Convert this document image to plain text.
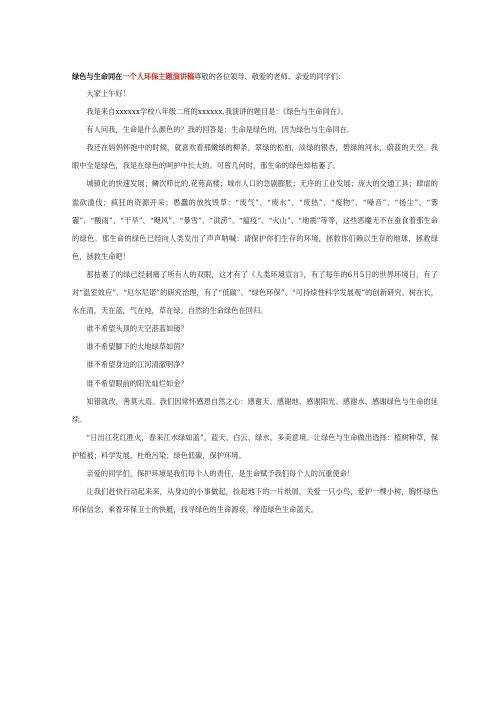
绿色与生命同在一个人环保主题演讲稿尊敬的各位领导、敬爱的老师、亲爱的同学们：

大家上午好！

我是来自xxxxxx学校八年级二班的xxxxxx,我演讲的题目是：《绿色与生命同在》。

有人问我，生命是什么颜色的？我的回答是：生命是绿色的，因为绿色与生命同在。

我还在妈妈怀抱中的时候，就喜欢看那嫩绿的柳条，翠绿的松柏，淡绿的银杏，碧绿的河水，蔚蓝的天空。我眼中全是绿色，我是在绿色的呵护中长大的。可曾几何时，那生命的绿色却枯萎了。

城镇化的快速发展；鳞次栉比的.花苑高楼；城市人口的急剧膨胀；无序的工业发展；庞大的交通工具；肆虐的滥砍滥伐；疯狂的资源开采；愚蠢的放牧毁草：“废气”、“废水”、“废热”、“废物”、“噪音”、“扬尘”、“雾霾”、“酸雨”、“干旱”、“飓风”、“暴雪”、“洪涝”、“瘟疫”、“火山”、“地震”等等，这些恶魔无不在蚕食着那生命的绿色。那生命的绿色已经向人类发出了声声呐喊：请保护你们生存的环境，拯救你们赖以生存的地球，拯救绿色，拯救生命吧！

那枯萎了的绿已经刺痛了所有人的双眼，这才有了《人类环境宣言》，有了每年的6月5日的世界环境日，有了对“温室效应”、“厄尔尼诺”的研究治理，有了“低碳”、“绿色环保”、“可持续性科学发展观”的创新研究。树在长，水在清，天在蓝，气在纯，草在绿。自然的生命绿色在回归。

谁不希望头顶的天空湛蓝如镜？

谁不希望脚下的大地绿草如茵？

谁不希望身边的江河清澈明净？

谁不希望眼前的阳光灿烂如金？

知错就改，善莫大焉。我们因常怀感恩自然之心：感谢天、感谢地、感谢阳光、感谢水、感谢绿色与生命的延续。

“日出江花红胜火，春来江水绿如蓝”，蓝天、白云、绿水，多美意境。让绿色与生命做出选择：植树种草，保护植被；科学发展，杜绝污染；绿色低碳，保护环境。

亲爱的同学们，保护环境是我们每个人的责任，是生命赋予我们每个人的沉重使命！

让我们赶快行动起来来，从身边的小事做起，捡起地下的一片纸屑，关爱一只小鸟，爱护一棵小树，胸怀绿色环保信念，乘着环保卫士的快艇，找寻绿色的生命源泉，缔造绿色生命蓝天。
